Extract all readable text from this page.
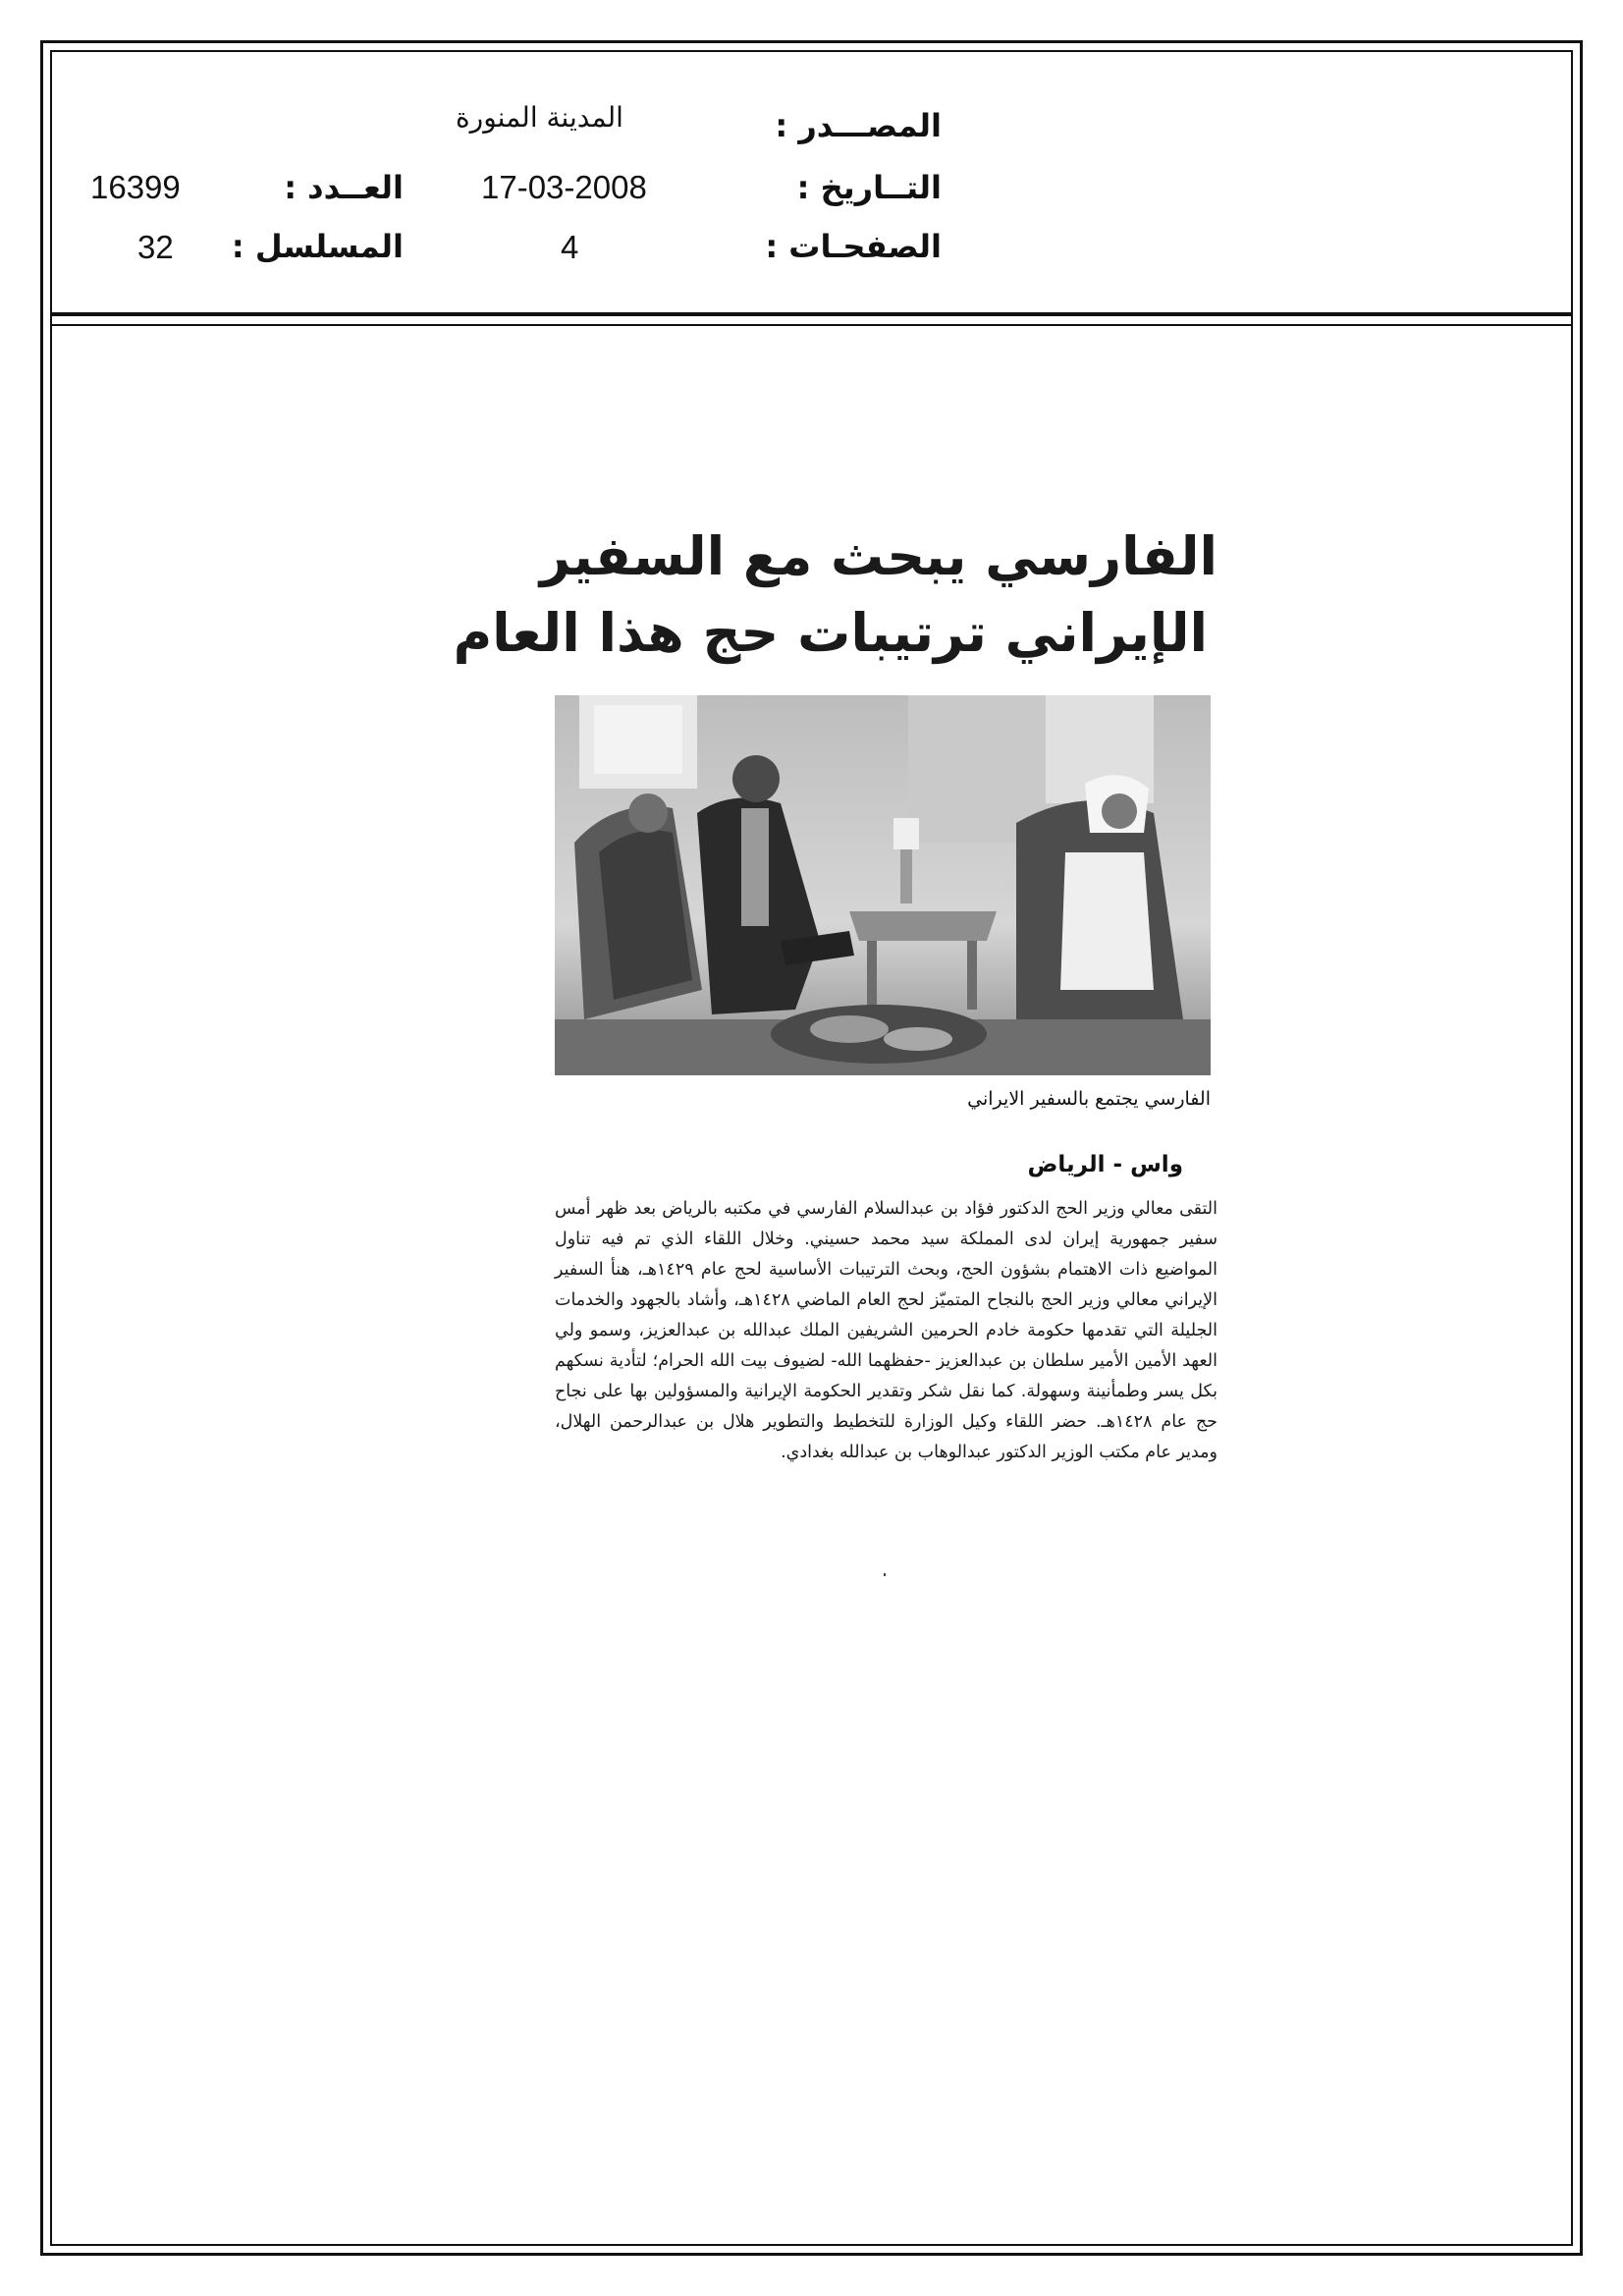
المصـــدر :
المدينة المنورة
التــاريخ :
17-03-2008
العــدد :
16399
الصفحـات :
4
المسلسل :
32
الفارسي يبحث مع السفير
الإيراني ترتيبات حج هذا العام
الفارسي يجتمع بالسفير الايراني
واس - الرياض

التقى معالي وزير الحج الدكتور فؤاد بن عبدالسلام الفارسي في مكتبه بالرياض بعد ظهر أمس سفير جمهورية إيران لدى المملكة سيد محمد حسيني. وخلال اللقاء الذي تم فيه تناول المواضيع ذات الاهتمام بشؤون الحج، وبحث الترتيبات الأساسية لحج عام ١٤٢٩هـ، هنأ السفير الإيراني معالي وزير الحج بالنجاح المتميّز لحج العام الماضي ١٤٢٨هـ، وأشاد بالجهود والخدمات الجليلة التي تقدمها حكومة خادم الحرمين الشريفين الملك عبدالله بن عبدالعزيز، وسمو ولي العهد الأمين الأمير سلطان بن عبدالعزيز -حفظهما الله- لضيوف بيت الله الحرام؛ لتأدية نسكهم بكل يسر وطمأنينة وسهولة. كما نقل شكر وتقدير الحكومة الإيرانية والمسؤولين بها على نجاح حج عام ١٤٢٨هـ. حضر اللقاء وكيل الوزارة للتخطيط والتطوير هلال بن عبدالرحمن الهلال، ومدير عام مكتب الوزير الدكتور عبدالوهاب بن عبدالله بغدادي.
